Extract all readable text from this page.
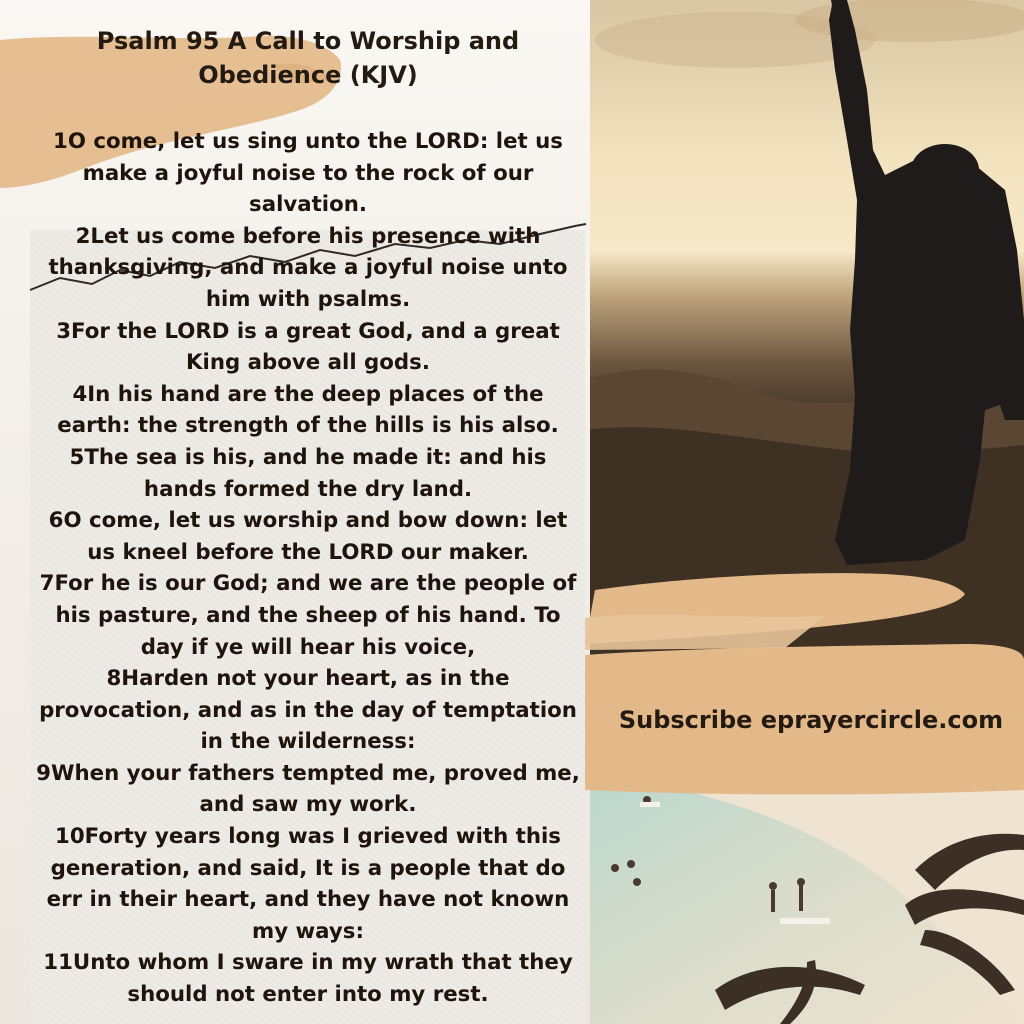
Psalm 95 A Call to Worship and Obedience (KJV)
1O come, let us sing unto the LORD: let us make a joyful noise to the rock of our salvation.
2Let us come before his presence with thanksgiving, and make a joyful noise unto him with psalms.
3For the LORD is a great God, and a great King above all gods.
4In his hand are the deep places of the earth: the strength of the hills is his also.
5The sea is his, and he made it: and his hands formed the dry land.
6O come, let us worship and bow down: let us kneel before the LORD our maker.
7For he is our God; and we are the people of his pasture, and the sheep of his hand. To day if ye will hear his voice,
8Harden not your heart, as in the provocation, and as in the day of temptation in the wilderness:
9When your fathers tempted me, proved me, and saw my work.
10Forty years long was I grieved with this generation, and said, It is a people that do err in their heart, and they have not known my ways:
11Unto whom I sware in my wrath that they should not enter into my rest.
Subscribe eprayercircle.com
